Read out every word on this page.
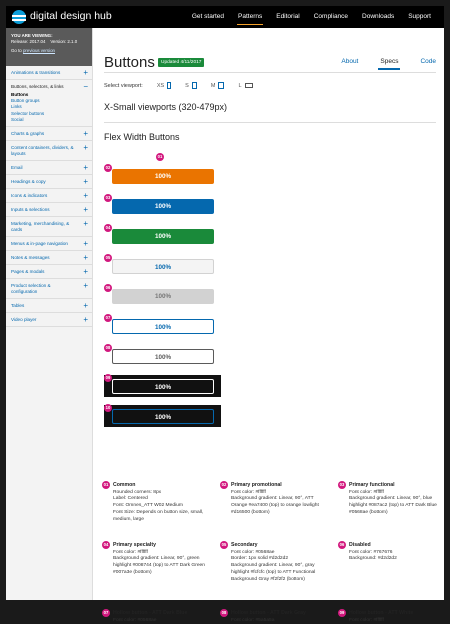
digital design hub	Get started	Patterns	Editorial	Compliance	Downloads	Support
YOU ARE VIEWING:
Release: 2017.04 Version: 2.1.0
Go to previous version
Animations & transitions	+
Buttons, selectors, & links	−
Buttons
Button groups
Links
Selector buttons
Social
Charts & graphs	+
Content containers, dividers, & layouts
+
Email	+
Headings & copy	+
Icons & indicators	+
Inputs & selections	+
Marketing, merchandising, & cards
+
Menus & in-page navigation	+
Notes & messages	+
Pages & modals	+
Product selection & configuration
+
Tables	+
Video player	+
Buttons	Updated 4/11/2017	About	Specs	Code
Select viewport:	XS	S	M	L
X-Small viewports (320-479px)
Flex Width Buttons
01
02
100%
03
100%
04
100%
05
100%
06
100%
07
100%
08
100%
09
100%
10
100%
01 Common
Rounded corners: 8px
Label: Centered
Font: Omnes_ATT W02 Medium
Font Size: Depends on button size, small, medium, large
02 Primary promotional
Font color: #ffffff
Background gradient: Linear, 90°, ATT Orange #ea7400 (top) to orange lowlight #d16500 (bottom)
03 Primary functional
Font color: #ffffff
Background gradient: Linear, 90°, blue highlight #087ac2 (top) to ATT Dark Blue #0568ae (bottom)
04 Primary specialty
Font color: #ffffff
Background gradient: Linear, 90°, green highlight #008744 (top) to ATT Dark Green #007a3e (bottom)
05 Secondary
Font color: #0568ae
Border: 1px solid #d2d2d2
Background gradient: Linear, 90°, gray highlight #fcfcfc (top) to ATT Functional Background Gray #f2f2f2 (bottom)
06 Disabled
Font color: #767676
Background: #d2d2d2
07 Hollow button - ATT Dark Blue
Font color: #0568ae
08 Hollow button - ATT Dark Gray
Font color: #5a5a5a
09 Hollow button - ATT White
Font color: #ffffff
